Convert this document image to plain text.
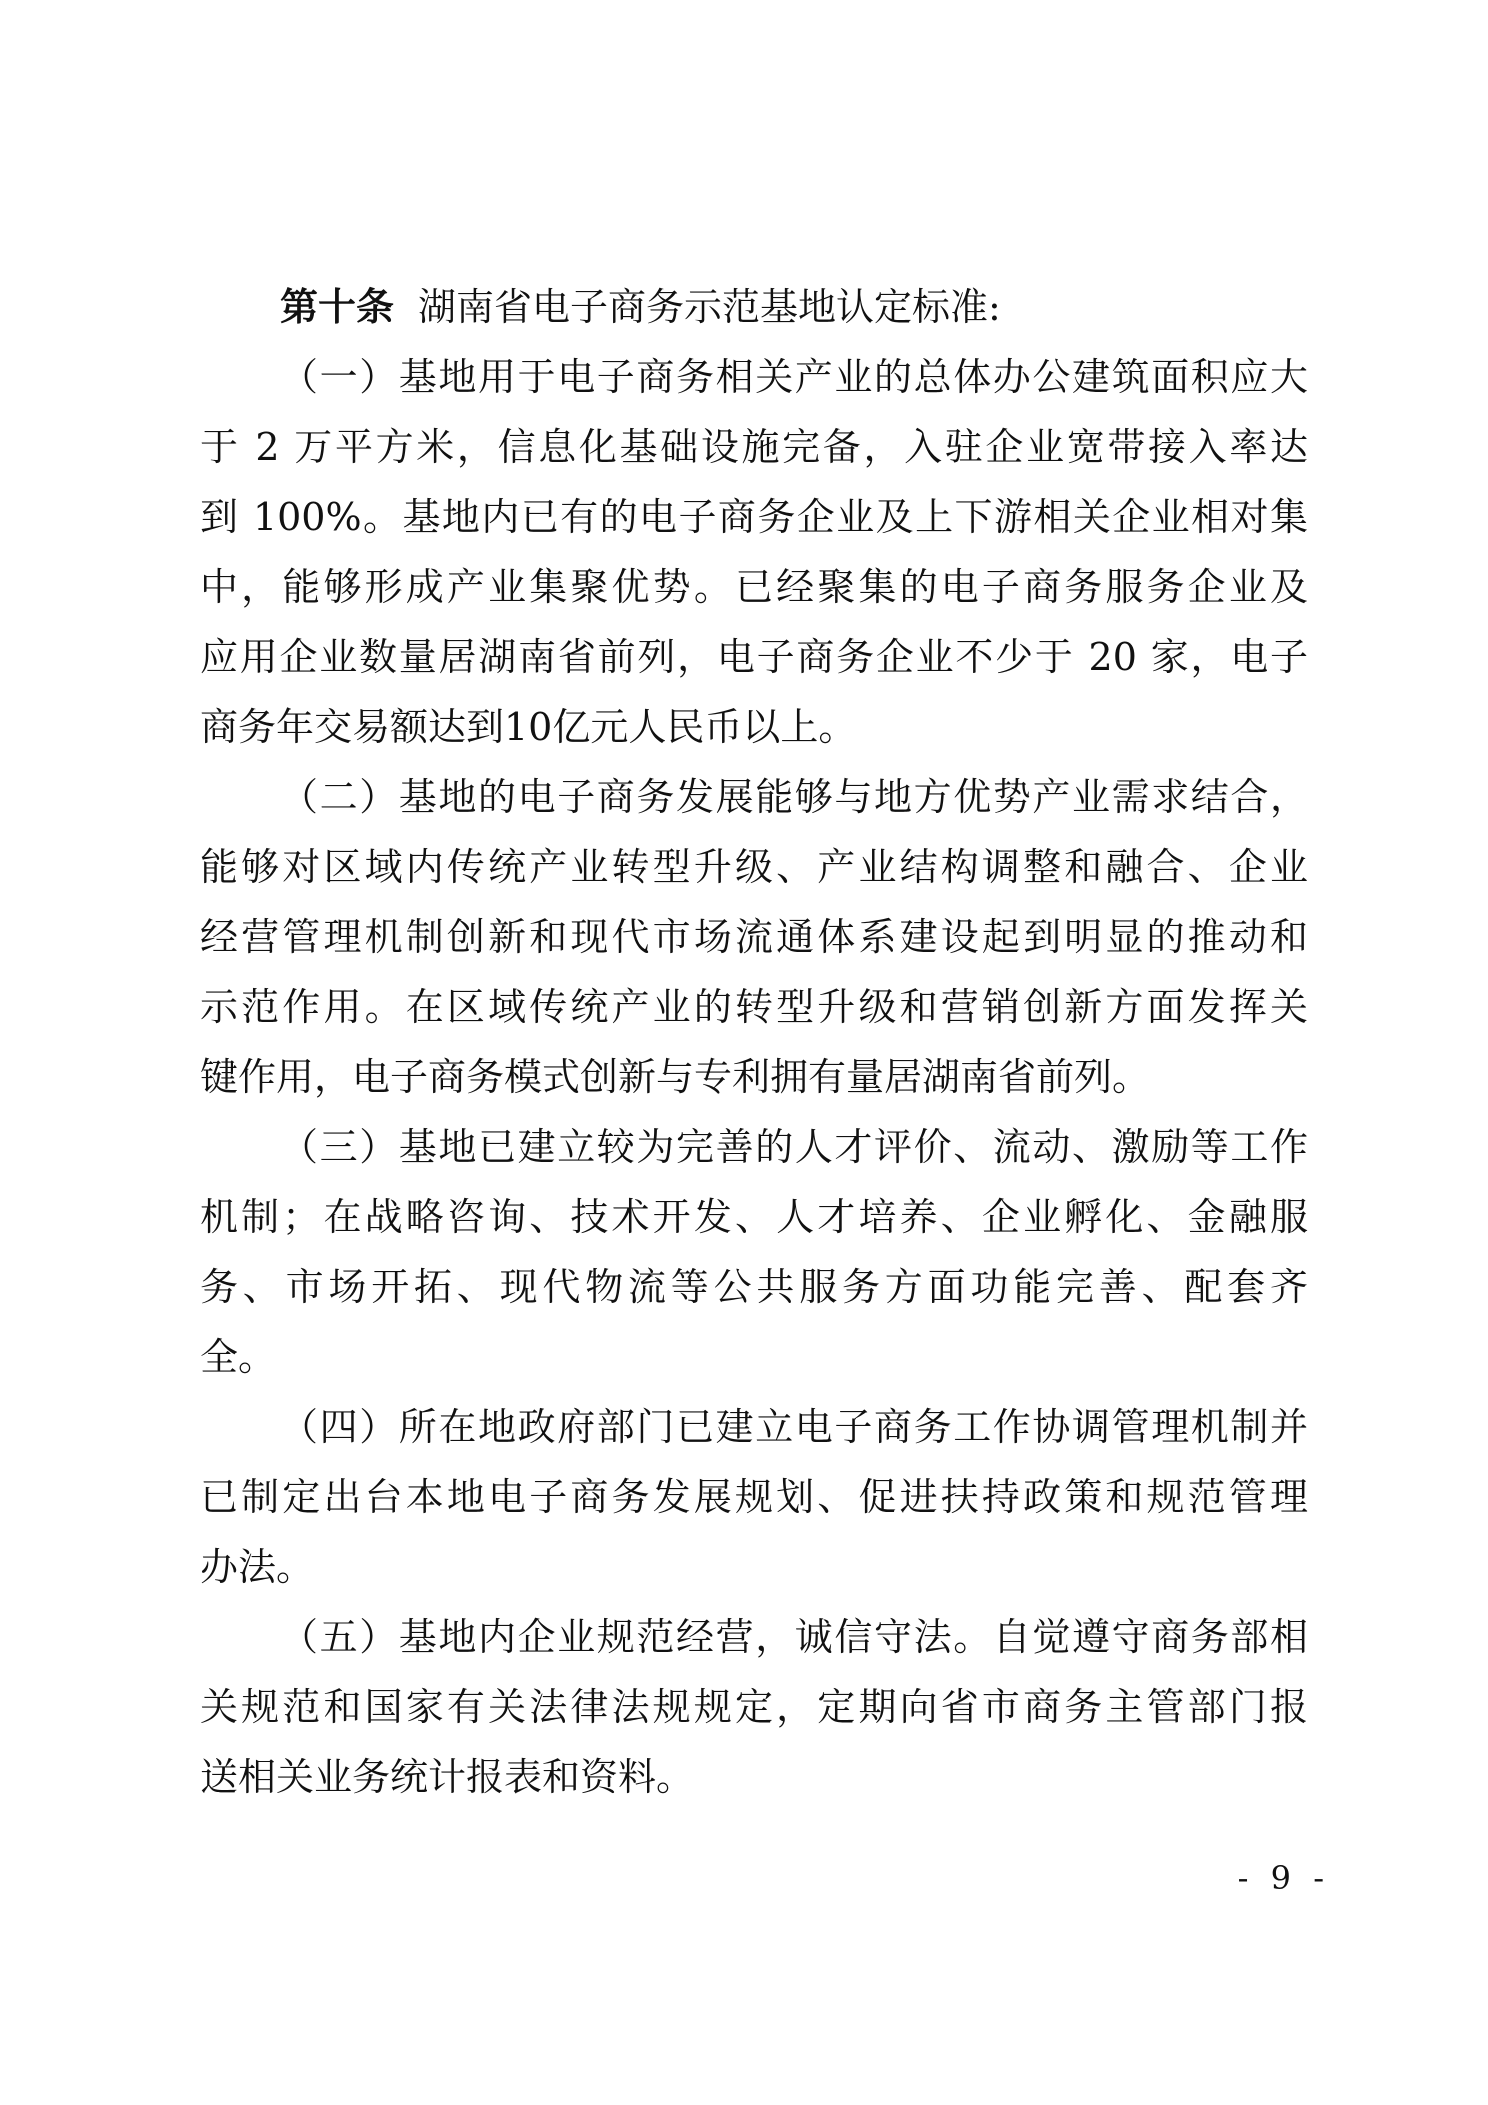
第十条 湖南省电子商务示范基地认定标准:
（一）基地用于电子商务相关产业的总体办公建筑面积应大
于 2 万平方米，信息化基础设施完备，入驻企业宽带接入率达
到 100%。基地内已有的电子商务企业及上下游相关企业相对集
中，能够形成产业集聚优势。已经聚集的电子商务服务企业及
应用企业数量居湖南省前列，电子商务企业不少于 20 家，电子
商务年交易额达到10亿元人民币以上。
（二）基地的电子商务发展能够与地方优势产业需求结合，
能够对区域内传统产业转型升级、产业结构调整和融合、企业
经营管理机制创新和现代市场流通体系建设起到明显的推动和
示范作用。在区域传统产业的转型升级和营销创新方面发挥关
键作用，电子商务模式创新与专利拥有量居湖南省前列。
（三）基地已建立较为完善的人才评价、流动、激励等工作
机制；在战略咨询、技术开发、人才培养、企业孵化、金融服
务、市场开拓、现代物流等公共服务方面功能完善、配套齐
全。
（四）所在地政府部门已建立电子商务工作协调管理机制并
已制定出台本地电子商务发展规划、促进扶持政策和规范管理
办法。
（五）基地内企业规范经营，诚信守法。自觉遵守商务部相
关规范和国家有关法律法规规定，定期向省市商务主管部门报
送相关业务统计报表和资料。
- 9 -
